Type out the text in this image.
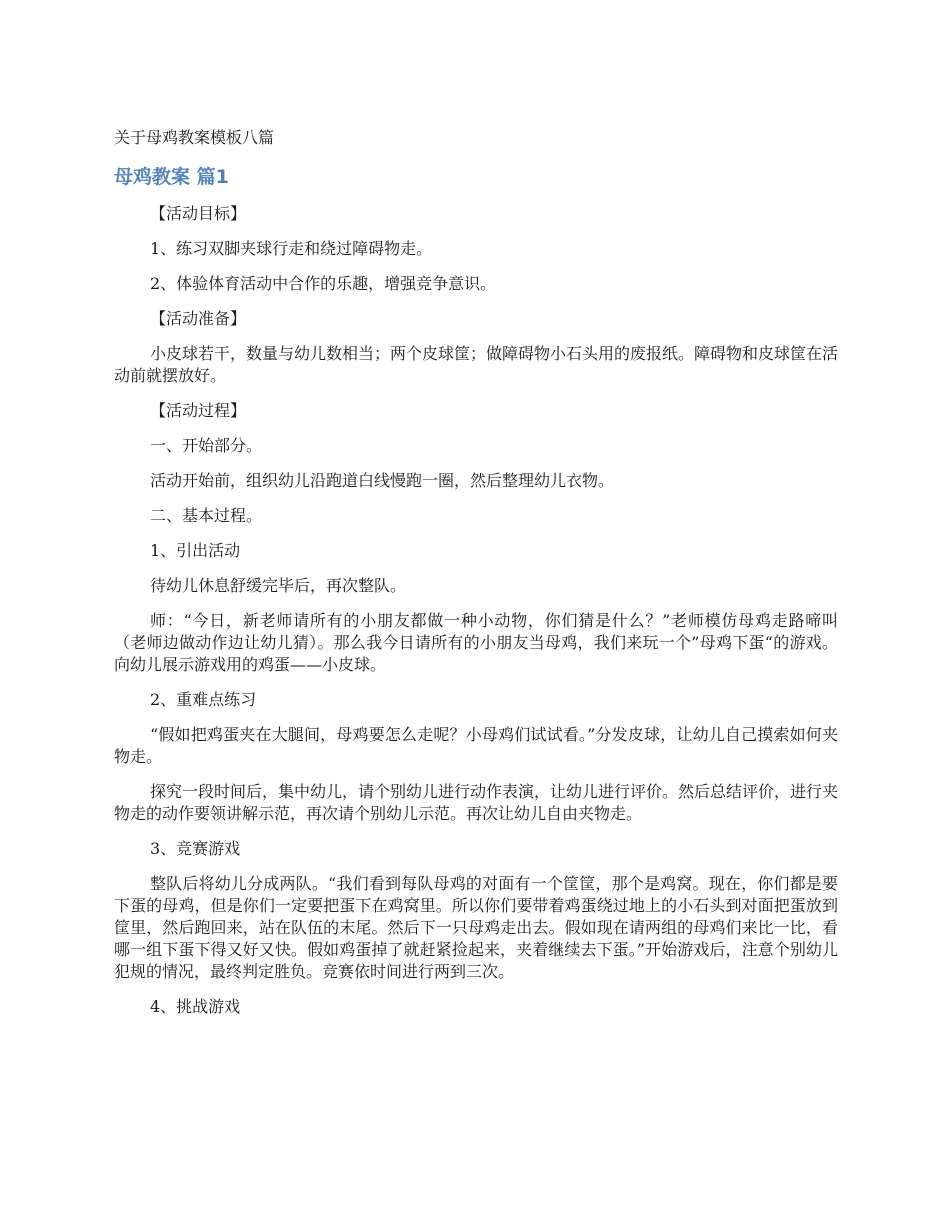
关于母鸡教案模板八篇

母鸡教案 篇1

【活动目标】

1、练习双脚夹球行走和绕过障碍物走。

2、体验体育活动中合作的乐趣，增强竞争意识。

【活动准备】

小皮球若干，数量与幼儿数相当；两个皮球筐；做障碍物小石头用的废报纸。障碍物和皮球筐在活动前就摆放好。

【活动过程】

一、开始部分。

活动开始前，组织幼儿沿跑道白线慢跑一圈，然后整理幼儿衣物。

二、基本过程。

1、引出活动

待幼儿休息舒缓完毕后，再次整队。

师：“今日，新老师请所有的小朋友都做一种小动物，你们猜是什么？”老师模仿母鸡走路啼叫（老师边做动作边让幼儿猜）。那么我今日请所有的小朋友当母鸡，我们来玩一个”母鸡下蛋“的游戏。向幼儿展示游戏用的鸡蛋——小皮球。

2、重难点练习

“假如把鸡蛋夹在大腿间，母鸡要怎么走呢？小母鸡们试试看。”分发皮球，让幼儿自己摸索如何夹物走。

探究一段时间后，集中幼儿，请个别幼儿进行动作表演，让幼儿进行评价。然后总结评价，进行夹物走的动作要领讲解示范，再次请个别幼儿示范。再次让幼儿自由夹物走。

3、竞赛游戏

整队后将幼儿分成两队。“我们看到每队母鸡的对面有一个筐筐，那个是鸡窝。现在，你们都是要下蛋的母鸡，但是你们一定要把蛋下在鸡窝里。所以你们要带着鸡蛋绕过地上的小石头到对面把蛋放到筐里，然后跑回来，站在队伍的末尾。然后下一只母鸡走出去。假如现在请两组的母鸡们来比一比，看哪一组下蛋下得又好又快。假如鸡蛋掉了就赶紧捡起来，夹着继续去下蛋。”开始游戏后，注意个别幼儿犯规的情况，最终判定胜负。竞赛依时间进行两到三次。

4、挑战游戏
